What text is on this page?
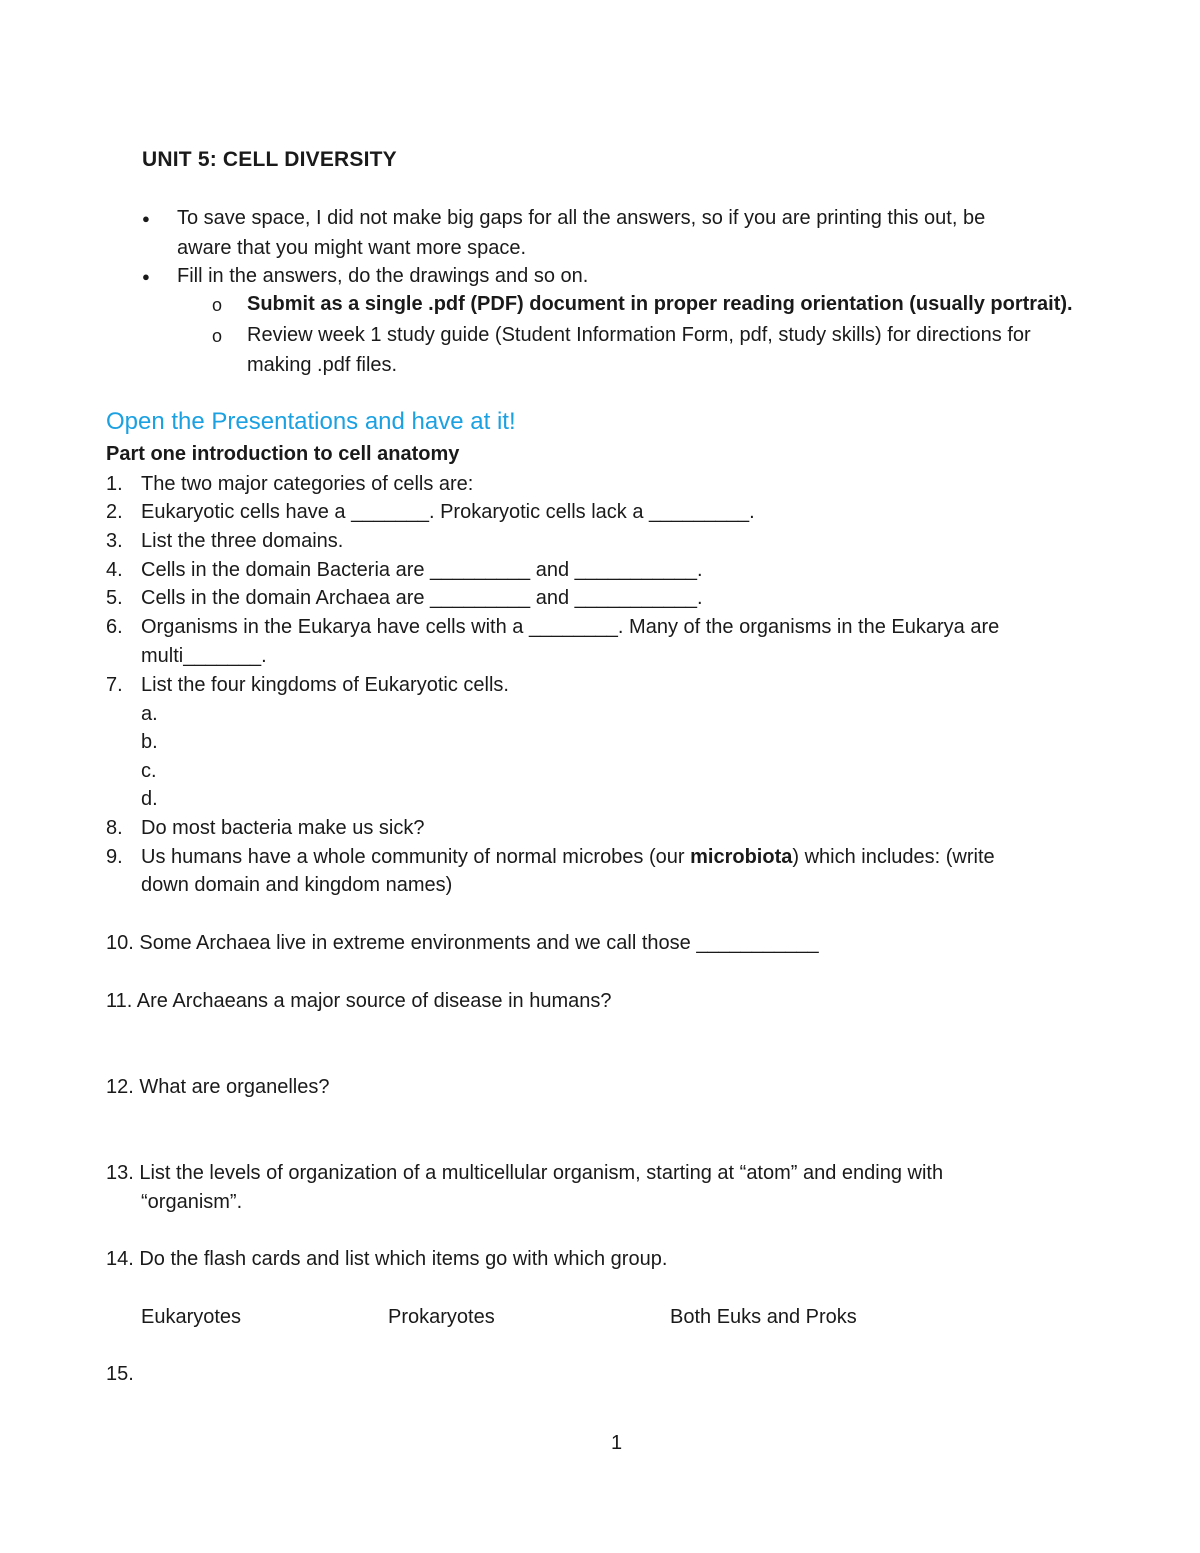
UNIT 5: CELL DIVERSITY
● To save space, I did not make big gaps for all the answers, so if you are printing this out, be
aware that you might want more space.
● Fill in the answers, do the drawings and so on.
o Submit as a single .pdf (PDF) document in proper reading orientation (usually portrait).
o Review week 1 study guide (Student Information Form, pdf, study skills) for directions for
making .pdf files.
Open the Presentations and have at it!
Part one introduction to cell anatomy
1. The two major categories of cells are:
2. Eukaryotic cells have a _______. Prokaryotic cells lack a _________.
3. List the three domains.
4. Cells in the domain Bacteria are _________ and ___________.
5. Cells in the domain Archaea are _________ and ___________.
6. Organisms in the Eukarya have cells with a ________. Many of the organisms in the Eukarya are
multi_______.
7. List the four kingdoms of Eukaryotic cells.
a.
b.
c.
d.
8. Do most bacteria make us sick?
9. Us humans have a whole community of normal microbes (our microbiota) which includes: (write
down domain and kingdom names)
10. Some Archaea live in extreme environments and we call those ___________
11. Are Archaeans a major source of disease in humans?
12. What are organelles?
13. List the levels of organization of a multicellular organism, starting at “atom” and ending with
“organism”.
14. Do the flash cards and list which items go with which group.
Eukaryotes	Prokaryotes	Both Euks and Proks
15.
1
